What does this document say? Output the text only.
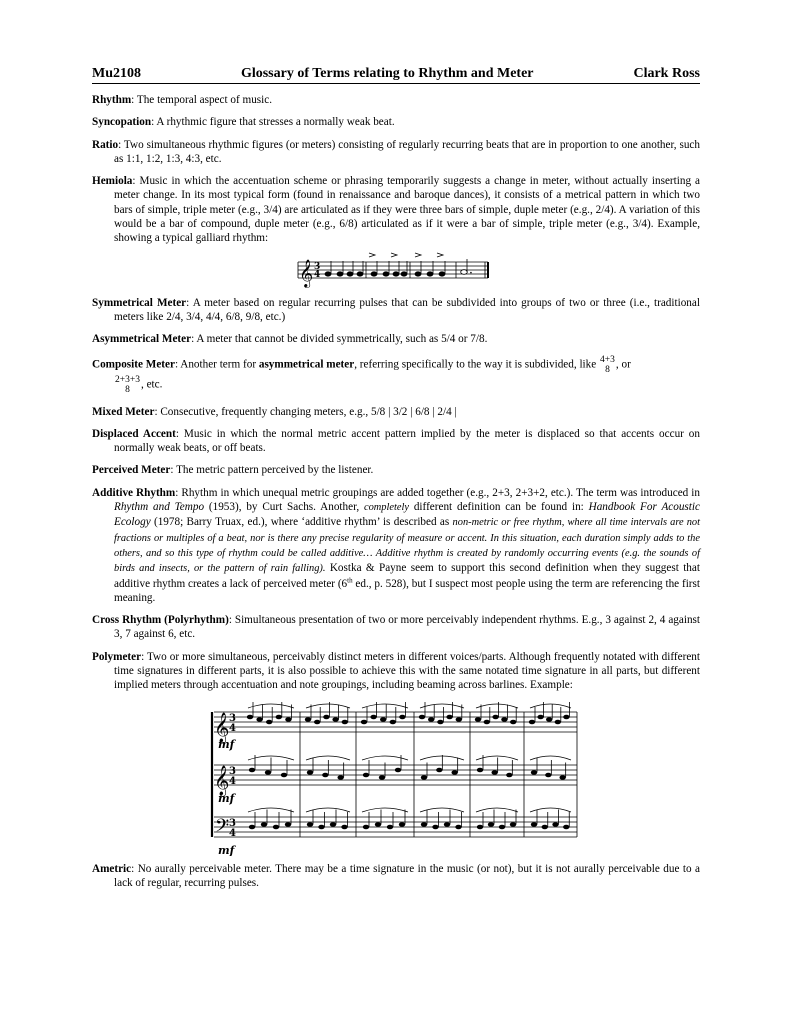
Mu2108	Glossary of Terms relating to Rhythm and Meter	Clark Ross
Rhythm: The temporal aspect of music.
Syncopation: A rhythmic figure that stresses a normally weak beat.
Ratio: Two simultaneous rhythmic figures (or meters) consisting of regularly recurring beats that are in proportion to one another, such as 1:1, 1:2, 1:3, 4:3, etc.
Hemiola: Music in which the accentuation scheme or phrasing temporarily suggests a change in meter, without actually inserting a meter change. In its most typical form (found in renaissance and baroque dances), it consists of a metrical pattern in which two bars of simple, triple meter (e.g., 3/4) are articulated as if they were three bars of simple, duple meter (e.g., 2/4). A variation of this would be a bar of compound, duple meter (e.g., 6/8) articulated as if it were a bar of simple, triple meter (e.g., 3/4). Example, showing a typical galliard rhythm:
𝄞 3
4	.
Symmetrical Meter: A meter based on regular recurring pulses that can be subdivided into groups of two or three (i.e., traditional meters like 2/4, 3/4, 4/4, 6/8, 9/8, etc.)
Asymmetrical Meter: A meter that cannot be divided symmetrically, such as 5/4 or 7/8.
Composite Meter: Another term for asymmetrical meter, referring specifically to the way it is subdivided, like 4+3
8 , or

2+3+3
8 , etc.
Mixed Meter: Consecutive, frequently changing meters, e.g., 5/8 | 3/2 | 6/8 | 2/4 |
Displaced Accent: Music in which the normal metric accent pattern implied by the meter is displaced so that accents occur on normally weak beats, or off beats.
Perceived Meter: The metric pattern perceived by the listener.
Additive Rhythm: Rhythm in which unequal metric groupings are added together (e.g., 2+3, 2+3+2, etc.). The term was introduced in Rhythm and Tempo (1953), by Curt Sachs. Another, completely different definition can be found in: Handbook For Acoustic Ecology (1978; Barry Truax, ed.), where ‘additive rhythm’ is described as non-metric or free rhythm, where all time intervals are not fractions or multiples of a beat, nor is there any precise regularity of measure or accent. In this situation, each duration simply adds to the others, and so this type of rhythm could be called additive… Additive rhythm is created by randomly occurring events (e.g. the sounds of birds and insects, or the pattern of rain falling). Kostka & Payne seem to support this second definition when they suggest that additive rhythm creates a lack of perceived meter (6th ed., p. 528), but I suspect most people using the term are referencing the first meaning.
Cross Rhythm (Polyrhythm): Simultaneous presentation of two or more perceivably independent rhythms. E.g., 3 against 2, 4 against 3, 7 against 6, etc.
Polymeter: Two or more simultaneous, perceivably distinct meters in different voices/parts. Although frequently notated with different time signatures in different parts, it is also possible to achieve this with the same notated time signature in all parts, but different implied meters through accentuation and note groupings, including beaming across barlines. Example:
𝄞
𝄞
𝄢
3
4
3
4
3
4
mf
mf
mf
Ametric: No aurally perceivable meter. There may be a time signature in the music (or not), but it is not aurally perceivable due to a lack of regular, recurring pulses.
